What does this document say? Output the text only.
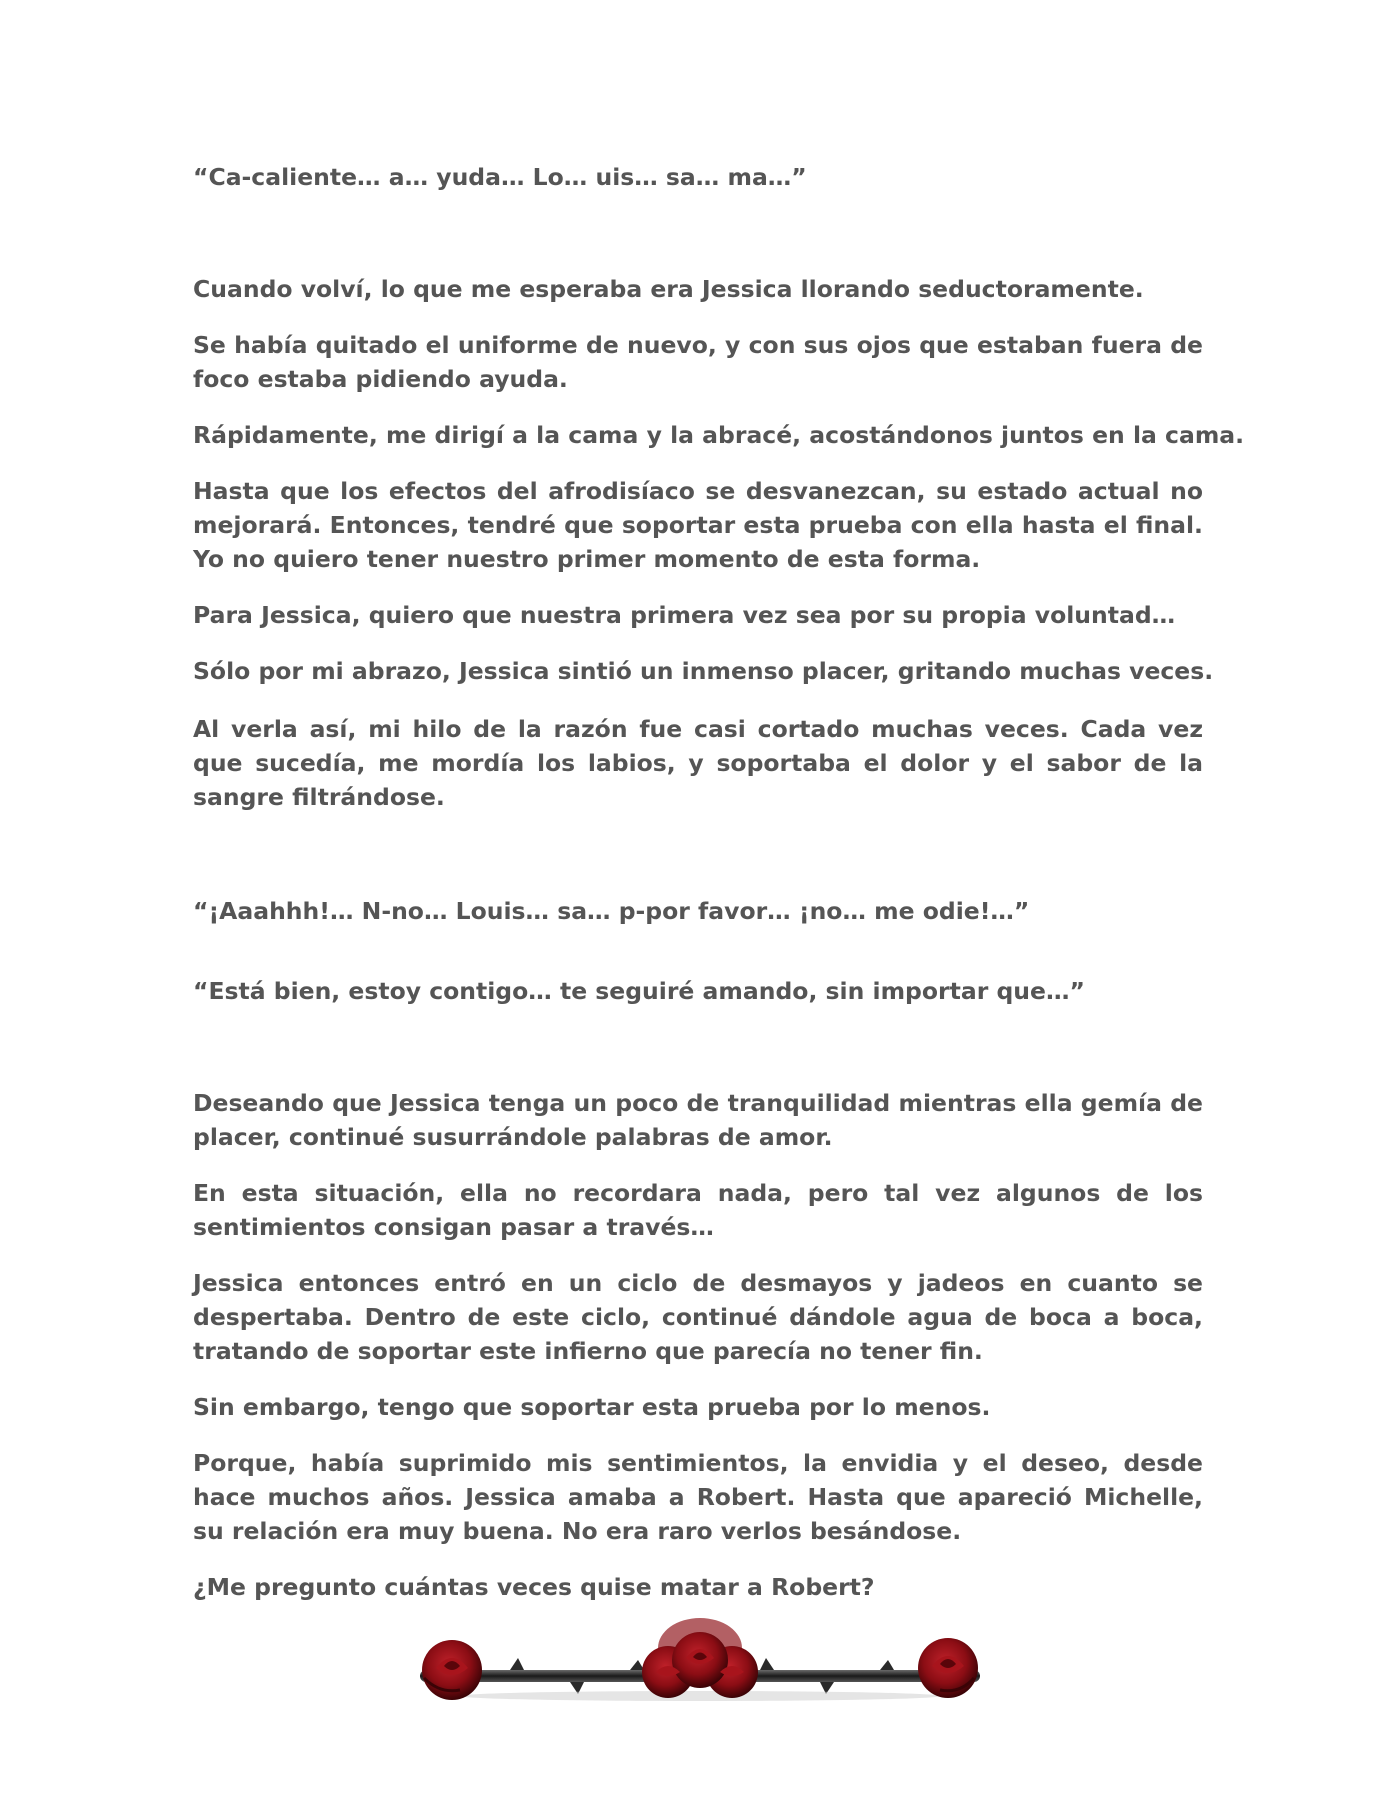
“Ca-caliente… a… yuda… Lo… uis… sa… ma…”

Cuando volví, lo que me esperaba era Jessica llorando seductoramente.

Se había quitado el uniforme de nuevo, y con sus ojos que estaban fuera de foco estaba pidiendo ayuda.

Rápidamente, me dirigí a la cama y la abracé, acostándonos juntos en la cama.

Hasta que los efectos del afrodisíaco se desvanezcan, su estado actual no mejorará. Entonces, tendré que soportar esta prueba con ella hasta el final. Yo no quiero tener nuestro primer momento de esta forma.

Para Jessica, quiero que nuestra primera vez sea por su propia voluntad…

Sólo por mi abrazo, Jessica sintió un inmenso placer, gritando muchas veces.

Al verla así, mi hilo de la razón fue casi cortado muchas veces. Cada vez que sucedía, me mordía los labios, y soportaba el dolor y el sabor de la sangre filtrándose.

“¡Aaahhh!… N-no… Louis… sa… p-por favor… ¡no… me odie!…”

“Está bien, estoy contigo… te seguiré amando, sin importar que…”

Deseando que Jessica tenga un poco de tranquilidad mientras ella gemía de placer, continué susurrándole palabras de amor.

En esta situación, ella no recordara nada, pero tal vez algunos de los sentimientos consigan pasar a través…

Jessica entonces entró en un ciclo de desmayos y jadeos en cuanto se despertaba. Dentro de este ciclo, continué dándole agua de boca a boca, tratando de soportar este infierno que parecía no tener fin.

Sin embargo, tengo que soportar esta prueba por lo menos.

Porque, había suprimido mis sentimientos, la envidia y el deseo, desde hace muchos años. Jessica amaba a Robert. Hasta que apareció Michelle, su relación era muy buena. No era raro verlos besándose.

¿Me pregunto cuántas veces quise matar a Robert?
